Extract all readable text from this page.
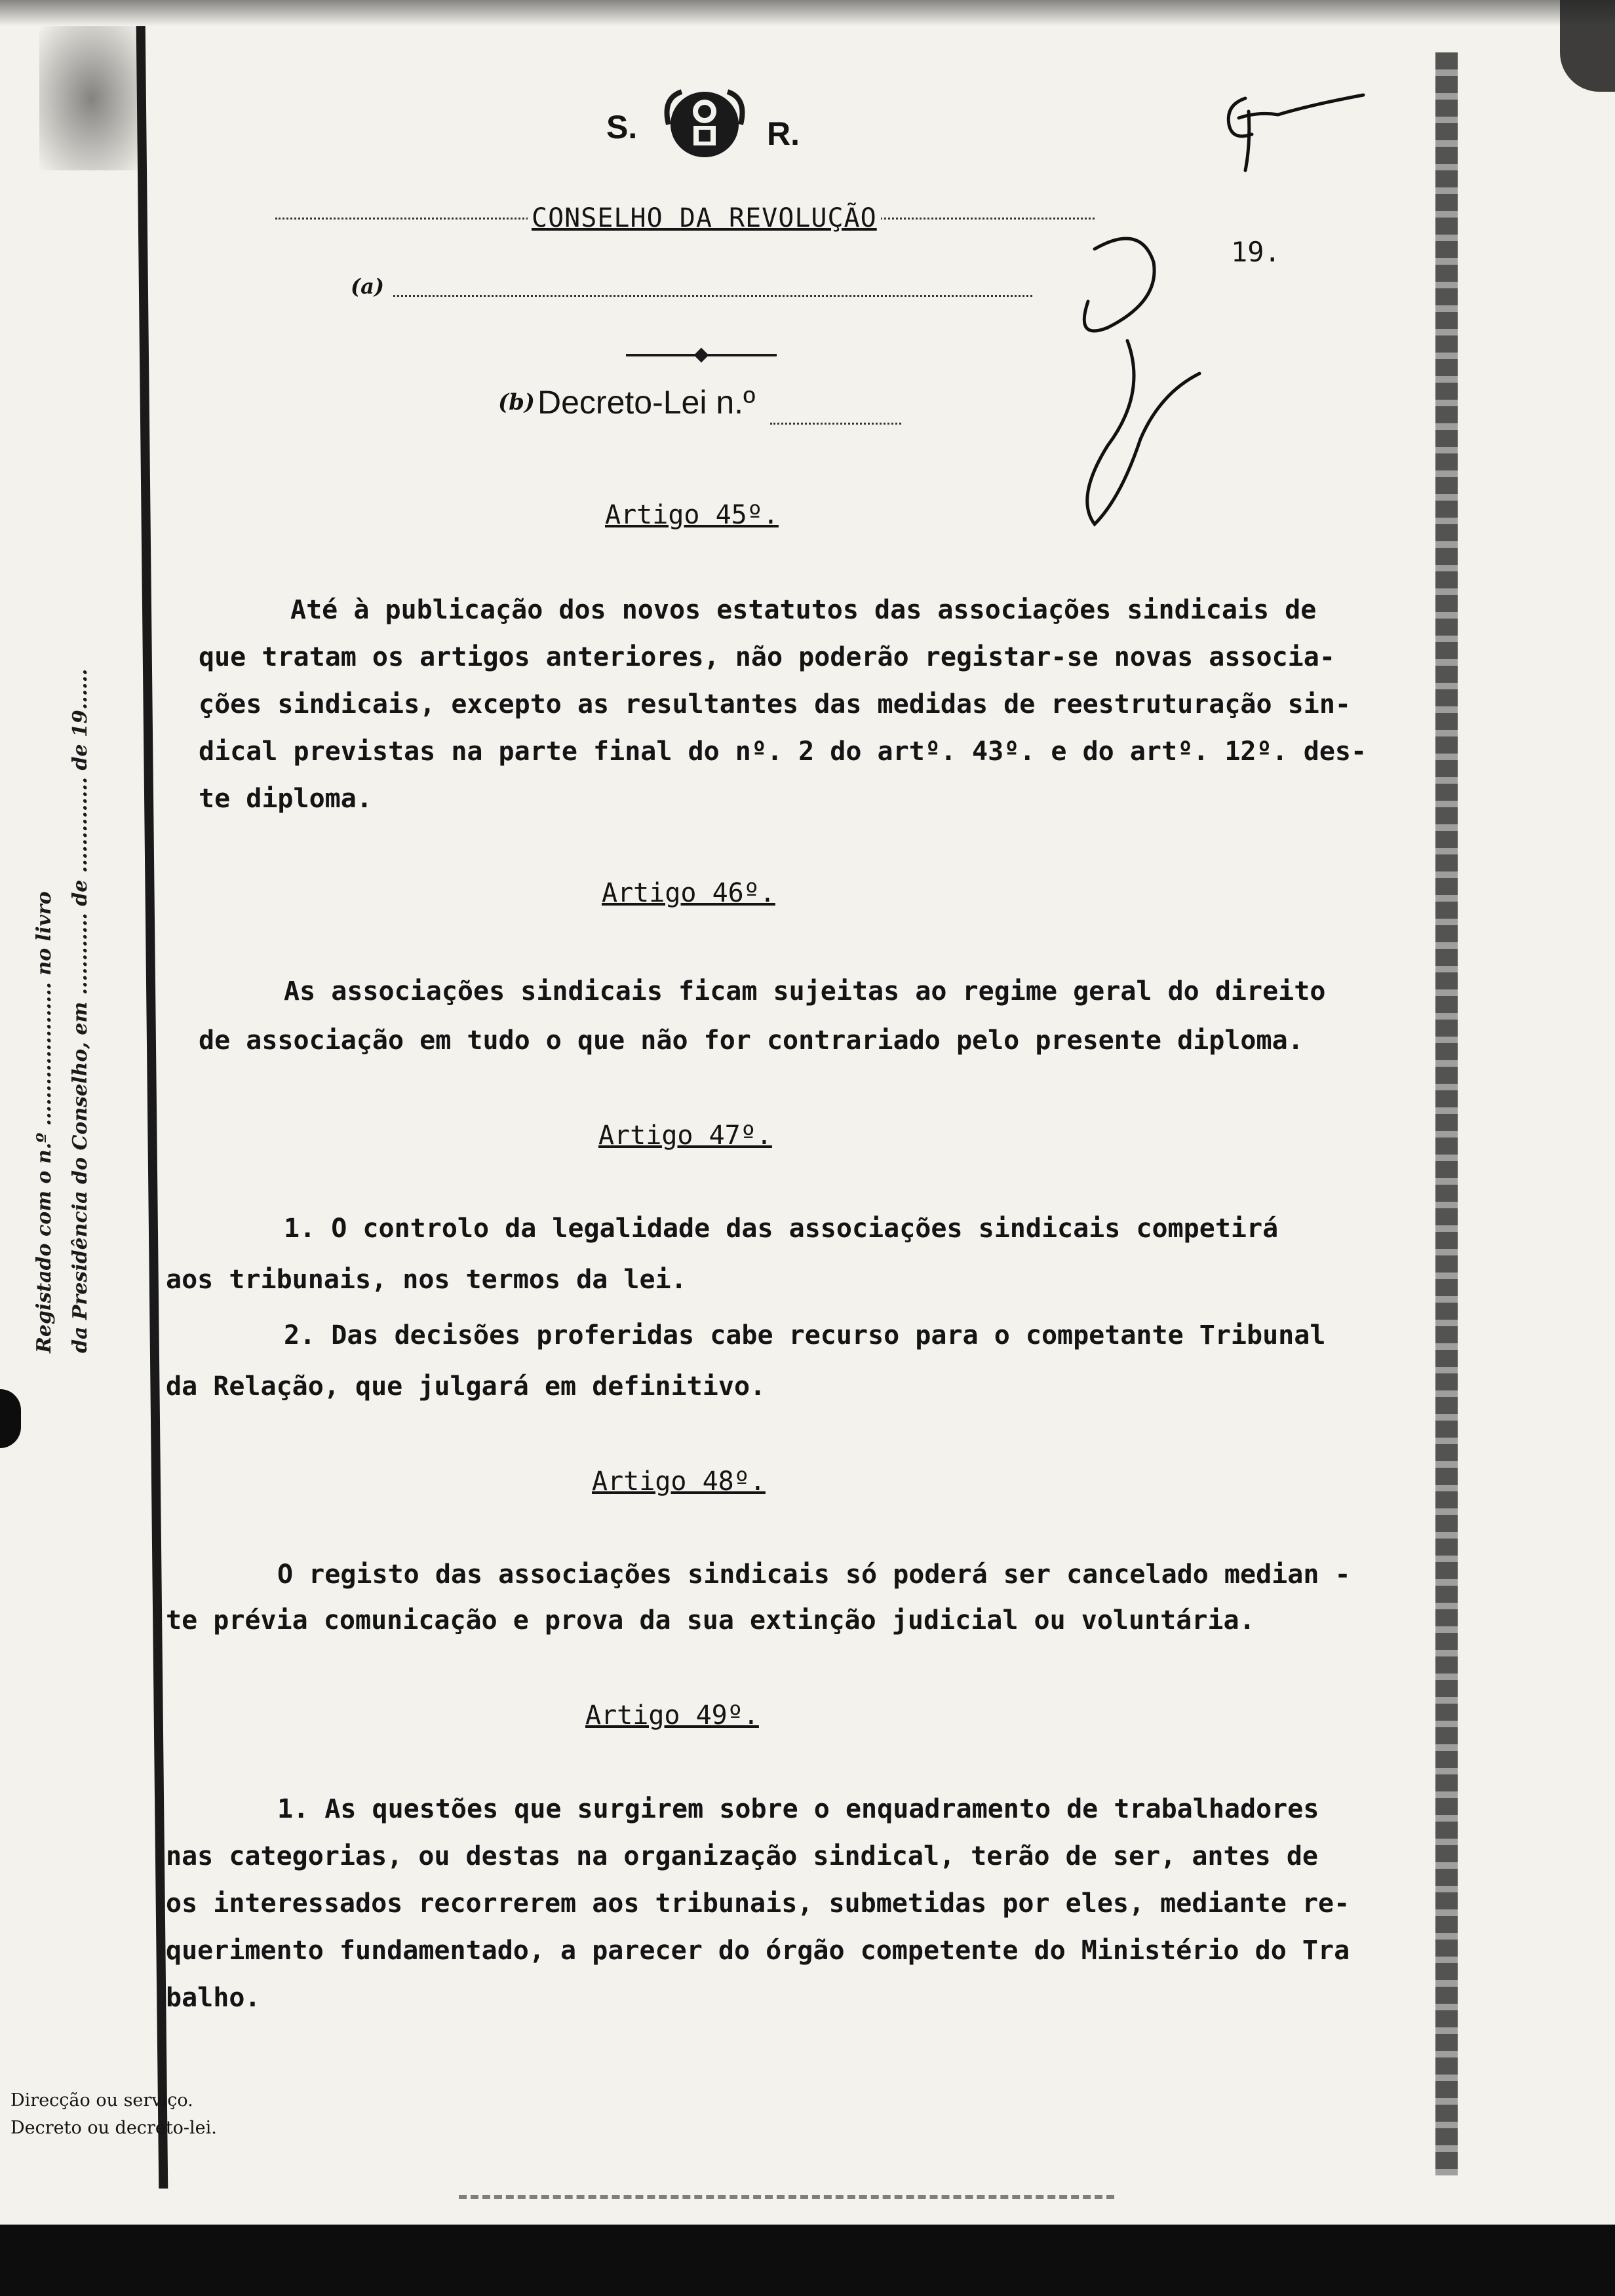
Registado com o n.º ..................... no livro da Presidência do Conselho, em ............ de .............. de 19......
S.	R.
CONSELHO DA REVOLUÇÃO
(a)
(b) Decreto-Lei n.º
19.
Artigo 45º.
Até à publicação dos novos estatutos das associações sindicais de
que tratam os artigos anteriores, não poderão registar-se novas associa-
ções sindicais, excepto as resultantes das medidas de reestruturação sin-
dical previstas na parte final do nº. 2 do artº. 43º. e do artº. 12º. des-
te diploma.
Artigo 46º.
As associações sindicais ficam sujeitas ao regime geral do direito
de associação em tudo o que não for contrariado pelo presente diploma.
Artigo 47º.
1. O controlo da legalidade das associações sindicais competirá
aos tribunais, nos termos da lei.
2. Das decisões proferidas cabe recurso para o competante Tribunal
da Relação, que julgará em definitivo.
Artigo 48º.
O registo das associações sindicais só poderá ser cancelado median -
te prévia comunicação e prova da sua extinção judicial ou voluntária.
Artigo 49º.
1. As questões que surgirem sobre o enquadramento de trabalhadores
nas categorias, ou destas na organização sindical, terão de ser, antes de
os interessados recorrerem aos tribunais, submetidas por eles, mediante re-
querimento fundamentado, a parecer do órgão competente do Ministério do Tra
balho.
Direcção ou serviço.
Decreto ou decreto-lei.
